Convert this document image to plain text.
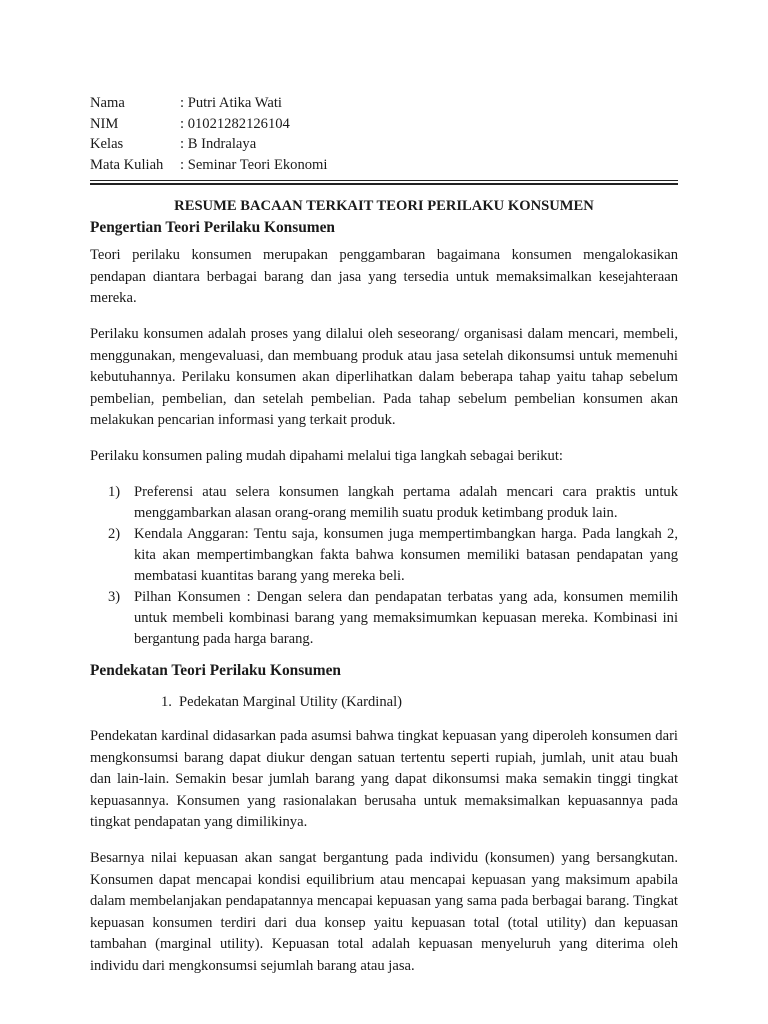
Nama	: Putri Atika Wati
NIM	: 01021282126104
Kelas	: B Indralaya
Mata Kuliah	: Seminar Teori Ekonomi
RESUME BACAAN TERKAIT TEORI PERILAKU KONSUMEN
Pengertian Teori Perilaku Konsumen

Teori perilaku konsumen merupakan penggambaran bagaimana konsumen mengalokasikan pendapan diantara berbagai barang dan jasa yang tersedia untuk memaksimalkan kesejahteraan mereka.

Perilaku konsumen adalah proses yang dilalui oleh seseorang/ organisasi dalam mencari, membeli, menggunakan, mengevaluasi, dan membuang produk atau jasa setelah dikonsumsi untuk memenuhi kebutuhannya. Perilaku konsumen akan diperlihatkan dalam beberapa tahap yaitu tahap sebelum pembelian, pembelian, dan setelah pembelian. Pada tahap sebelum pembelian konsumen akan melakukan pencarian informasi yang terkait produk.

Perilaku konsumen paling mudah dipahami melalui tiga langkah sebagai berikut:

1) Preferensi atau selera konsumen langkah pertama adalah mencari cara praktis untuk menggambarkan alasan orang-orang memilih suatu produk ketimbang produk lain.
2) Kendala Anggaran: Tentu saja, konsumen juga mempertimbangkan harga. Pada langkah 2, kita akan mempertimbangkan fakta bahwa konsumen memiliki batasan pendapatan yang membatasi kuantitas barang yang mereka beli.
3) Pilhan Konsumen : Dengan selera dan pendapatan terbatas yang ada, konsumen memilih untuk membeli kombinasi barang yang memaksimumkan kepuasan mereka. Kombinasi ini bergantung pada harga barang.
Pendekatan Teori Perilaku Konsumen
1. Pedekatan Marginal Utility (Kardinal)

Pendekatan kardinal didasarkan pada asumsi bahwa tingkat kepuasan yang diperoleh konsumen dari mengkonsumsi barang dapat diukur dengan satuan tertentu seperti rupiah, jumlah, unit atau buah dan lain-lain. Semakin besar jumlah barang yang dapat dikonsumsi maka semakin tinggi tingkat kepuasannya. Konsumen yang rasionalakan berusaha untuk memaksimalkan kepuasannya pada tingkat pendapatan yang dimilikinya.

Besarnya nilai kepuasan akan sangat bergantung pada individu (konsumen) yang bersangkutan. Konsumen dapat mencapai kondisi equilibrium atau mencapai kepuasan yang maksimum apabila dalam membelanjakan pendapatannya mencapai kepuasan yang sama pada berbagai barang. Tingkat kepuasan konsumen terdiri dari dua konsep yaitu kepuasan total (total utility) dan kepuasan tambahan (marginal utility). Kepuasan total adalah kepuasan menyeluruh yang diterima oleh individu dari mengkonsumsi sejumlah barang atau jasa.
